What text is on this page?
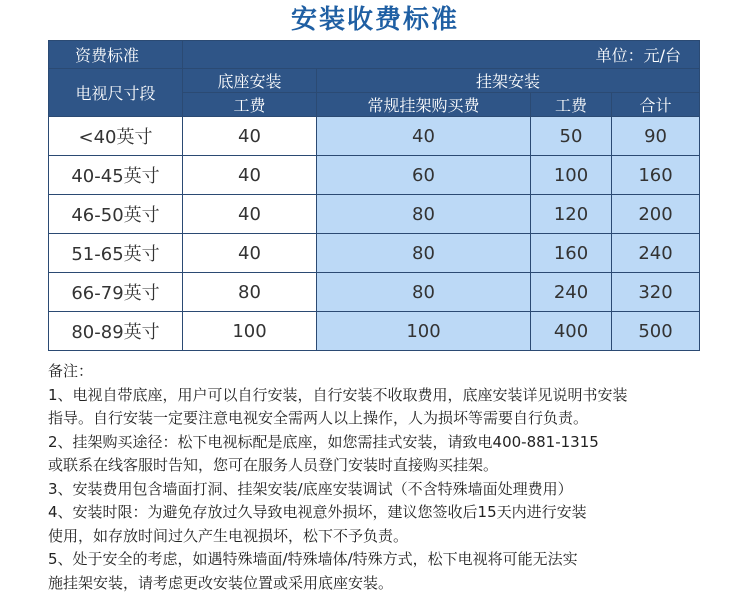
安装收费标准
资费标准	单位：元/台			
电视尺寸段	底座安装	挂架安装		
	工费	常规挂架购买费	工费	合计
<40英寸	40	40	50	90
40-45英寸	40	60	100	160
46-50英寸	40	80	120	200
51-65英寸	40	80	160	240
66-79英寸	80	80	240	320
80-89英寸	100	100	400	500
备注：
1、电视自带底座，用户可以自行安装，自行安装不收取费用，底座安装详见说明书安装
指导。自行安装一定要注意电视安全需两人以上操作，人为损坏等需要自行负责。
2、挂架购买途径：松下电视标配是底座，如您需挂式安装，请致电400-881-1315
或联系在线客服时告知，您可在服务人员登门安装时直接购买挂架。
3、安装费用包含墙面打洞、挂架安装/底座安装调试（不含特殊墙面处理费用）
4、安装时限：为避免存放过久导致电视意外损坏，建议您签收后15天内进行安装
使用，如存放时间过久产生电视损坏，松下不予负责。
5、处于安全的考虑，如遇特殊墙面/特殊墙体/特殊方式，松下电视将可能无法实
施挂架安装，请考虑更改安装位置或采用底座安装。
